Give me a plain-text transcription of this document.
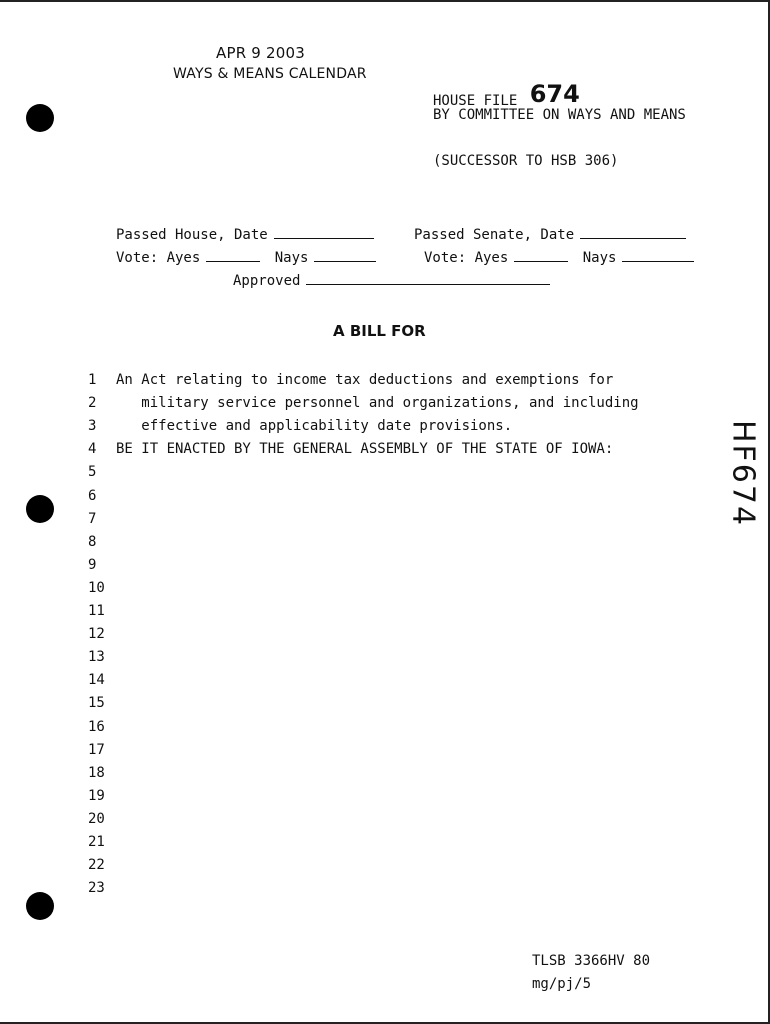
APR 9 2003
WAYS & MEANS CALENDAR
HOUSE FILE 674
BY COMMITTEE ON WAYS AND MEANS
(SUCCESSOR TO HSB 306)
Passed House, Date	Passed Senate, Date
Vote: Ayes	Nays	Vote: Ayes	Nays
Approved
A BILL FOR
1	An Act relating to income tax deductions and exemptions for
2	military service personnel and organizations, and including
3	effective and applicability date provisions.
4	BE IT ENACTED BY THE GENERAL ASSEMBLY OF THE STATE OF IOWA:
5
6
7
8
9
10
11
12
13
14
15
16
17
18
19
20
21
22
23
HF674
TLSB 3366HV 80
mg/pj/5
